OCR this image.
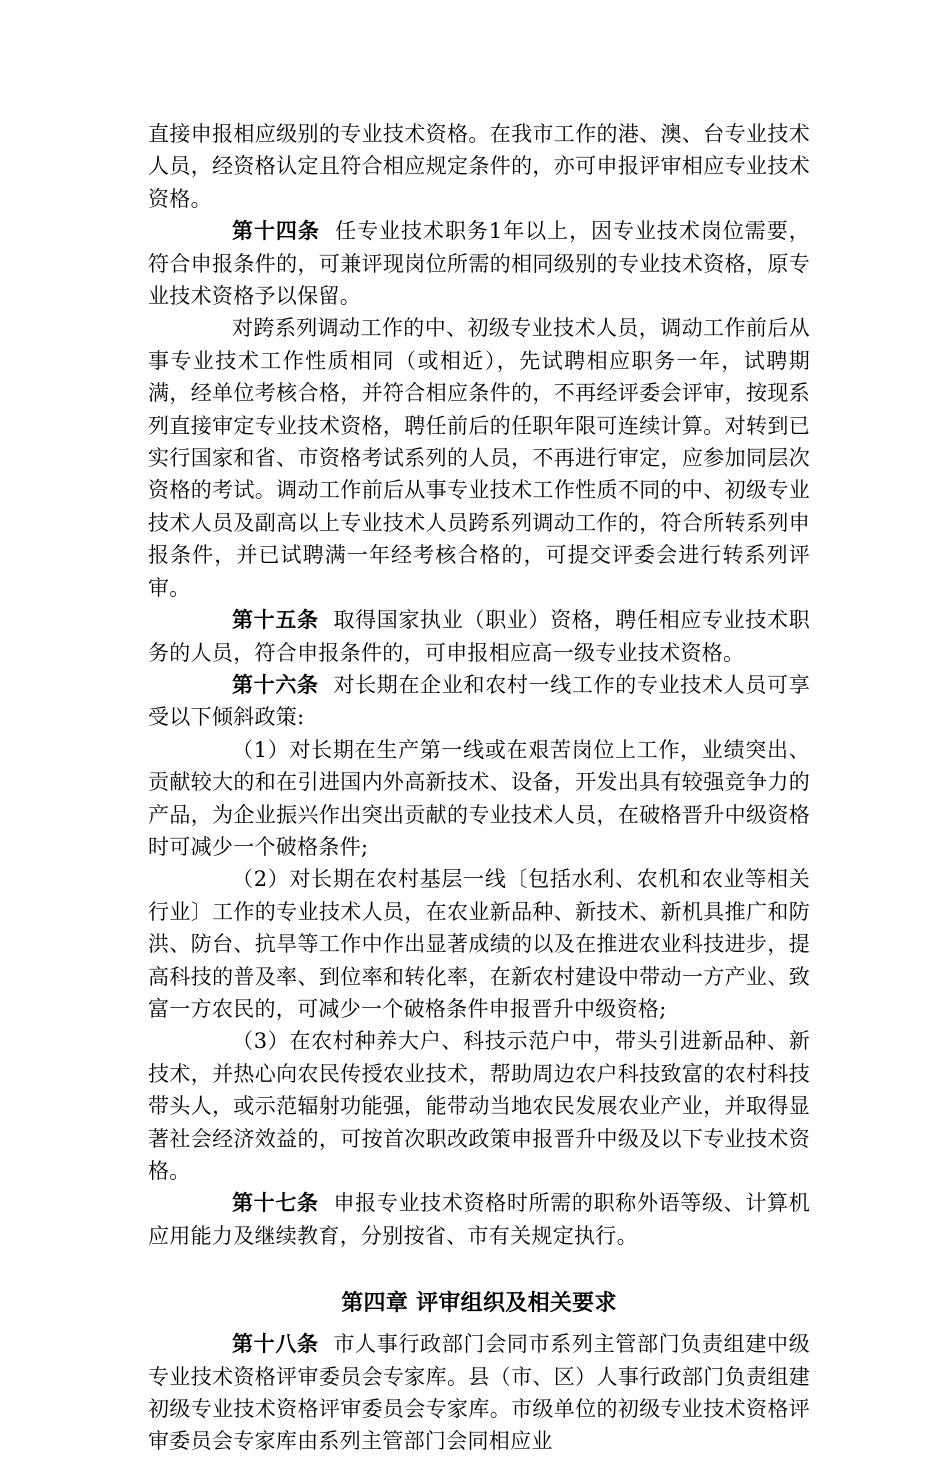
直接申报相应级别的专业技术资格。在我市工作的港、澳、台专业技术人员，经资格认定且符合相应规定条件的，亦可申报评审相应专业技术资格。

第十四条 任专业技术职务1年以上，因专业技术岗位需要，符合申报条件的，可兼评现岗位所需的相同级别的专业技术资格，原专业技术资格予以保留。

对跨系列调动工作的中、初级专业技术人员，调动工作前后从事专业技术工作性质相同（或相近），先试聘相应职务一年，试聘期满，经单位考核合格，并符合相应条件的，不再经评委会评审，按现系列直接审定专业技术资格，聘任前后的任职年限可连续计算。对转到已实行国家和省、市资格考试系列的人员，不再进行审定，应参加同层次资格的考试。调动工作前后从事专业技术工作性质不同的中、初级专业技术人员及副高以上专业技术人员跨系列调动工作的，符合所转系列申报条件，并已试聘满一年经考核合格的，可提交评委会进行转系列评审。

第十五条 取得国家执业（职业）资格，聘任相应专业技术职务的人员，符合申报条件的，可申报相应高一级专业技术资格。

第十六条 对长期在企业和农村一线工作的专业技术人员可享受以下倾斜政策:

（1）对长期在生产第一线或在艰苦岗位上工作，业绩突出、贡献较大的和在引进国内外高新技术、设备，开发出具有较强竞争力的产品，为企业振兴作出突出贡献的专业技术人员，在破格晋升中级资格时可减少一个破格条件;

（2）对长期在农村基层一线〔包括水利、农机和农业等相关行业〕工作的专业技术人员，在农业新品种、新技术、新机具推广和防洪、防台、抗旱等工作中作出显著成绩的以及在推进农业科技进步，提高科技的普及率、到位率和转化率，在新农村建设中带动一方产业、致富一方农民的，可减少一个破格条件申报晋升中级资格;

（3）在农村种养大户、科技示范户中，带头引进新品种、新技术，并热心向农民传授农业技术，帮助周边农户科技致富的农村科技带头人，或示范辐射功能强，能带动当地农民发展农业产业，并取得显著社会经济效益的，可按首次职改政策申报晋升中级及以下专业技术资格。

第十七条 申报专业技术资格时所需的职称外语等级、计算机应用能力及继续教育，分别按省、市有关规定执行。

第四章 评审组织及相关要求

第十八条 市人事行政部门会同市系列主管部门负责组建中级专业技术资格评审委员会专家库。县（市、区）人事行政部门负责组建初级专业技术资格评审委员会专家库。市级单位的初级专业技术资格评审委员会专家库由系列主管部门会同相应业
